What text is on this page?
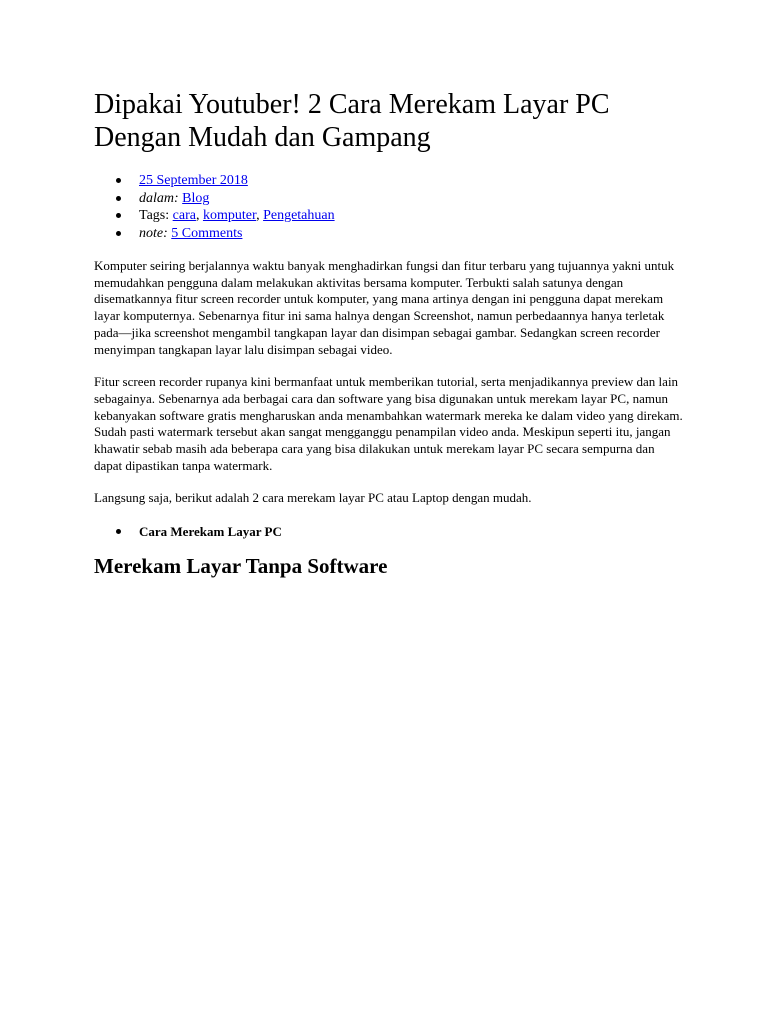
Dipakai Youtuber! 2 Cara Merekam Layar PC Dengan Mudah dan Gampang
25 September 2018
dalam: Blog
Tags: cara, komputer, Pengetahuan
note: 5 Comments

Komputer seiring berjalannya waktu banyak menghadirkan fungsi dan fitur terbaru yang tujuannya yakni untuk memudahkan pengguna dalam melakukan aktivitas bersama komputer. Terbukti salah satunya dengan disematkannya fitur screen recorder untuk komputer, yang mana artinya dengan ini pengguna dapat merekam layar komputernya. Sebenarnya fitur ini sama halnya dengan Screenshot, namun perbedaannya hanya terletak pada—jika screenshot mengambil tangkapan layar dan disimpan sebagai gambar. Sedangkan screen recorder menyimpan tangkapan layar lalu disimpan sebagai video.

Fitur screen recorder rupanya kini bermanfaat untuk memberikan tutorial, serta menjadikannya preview dan lain sebagainya. Sebenarnya ada berbagai cara dan software yang bisa digunakan untuk merekam layar PC, namun kebanyakan software gratis mengharuskan anda menambahkan watermark mereka ke dalam video yang direkam. Sudah pasti watermark tersebut akan sangat mengganggu penampilan video anda. Meskipun seperti itu, jangan khawatir sebab masih ada beberapa cara yang bisa dilakukan untuk merekam layar PC secara sempurna dan dapat dipastikan tanpa watermark.

Langsung saja, berikut adalah 2 cara merekam layar PC atau Laptop dengan mudah.

Cara Merekam Layar PC
Merekam Layar Tanpa Software
